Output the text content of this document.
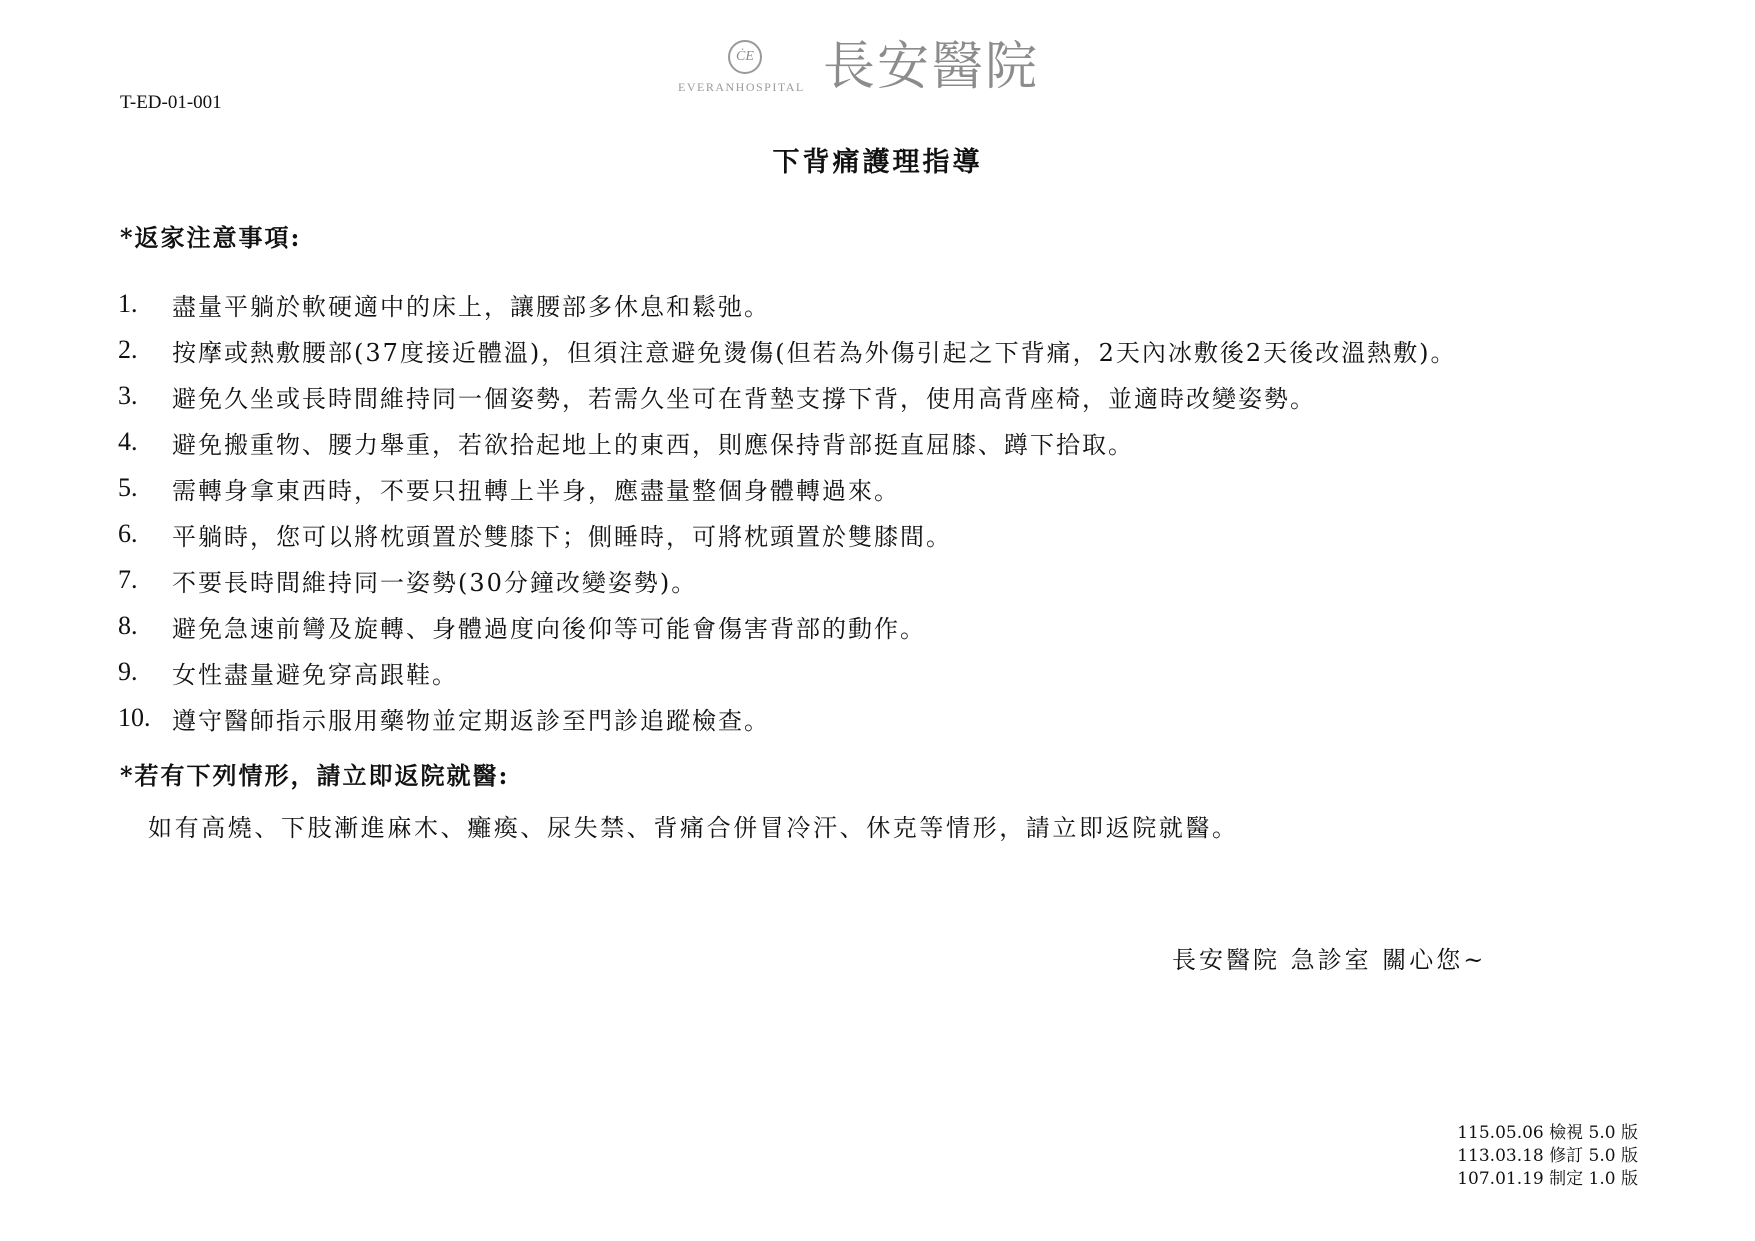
T-ED-01-001
ĊE
EVERANHOSPITAL 長安醫院
下背痛護理指導
*返家注意事項:
1.	盡量平躺於軟硬適中的床上，讓腰部多休息和鬆弛。
2.	按摩或熱敷腰部(37度接近體溫)，但須注意避免燙傷(但若為外傷引起之下背痛，2天內冰敷後2天後改溫熱敷)。
3.	避免久坐或長時間維持同一個姿勢，若需久坐可在背墊支撐下背，使用高背座椅，並適時改變姿勢。
4.	避免搬重物、腰力舉重，若欲拾起地上的東西，則應保持背部挺直屈膝、蹲下拾取。
5.	需轉身拿東西時，不要只扭轉上半身，應盡量整個身體轉過來。
6.	平躺時，您可以將枕頭置於雙膝下；側睡時，可將枕頭置於雙膝間。
7.	不要長時間維持同一姿勢(30分鐘改變姿勢)。
8.	避免急速前彎及旋轉、身體過度向後仰等可能會傷害背部的動作。
9.	女性盡量避免穿高跟鞋。
10. 遵守醫師指示服用藥物並定期返診至門診追蹤檢查。
*若有下列情形，請立即返院就醫:
如有高燒、下肢漸進麻木、癱瘓、尿失禁、背痛合併冒冷汗、休克等情形，請立即返院就醫。
長安醫院 急診室 關心您~
115.05.06 檢視 5.0 版
113.03.18 修訂 5.0 版
107.01.19 制定 1.0 版
